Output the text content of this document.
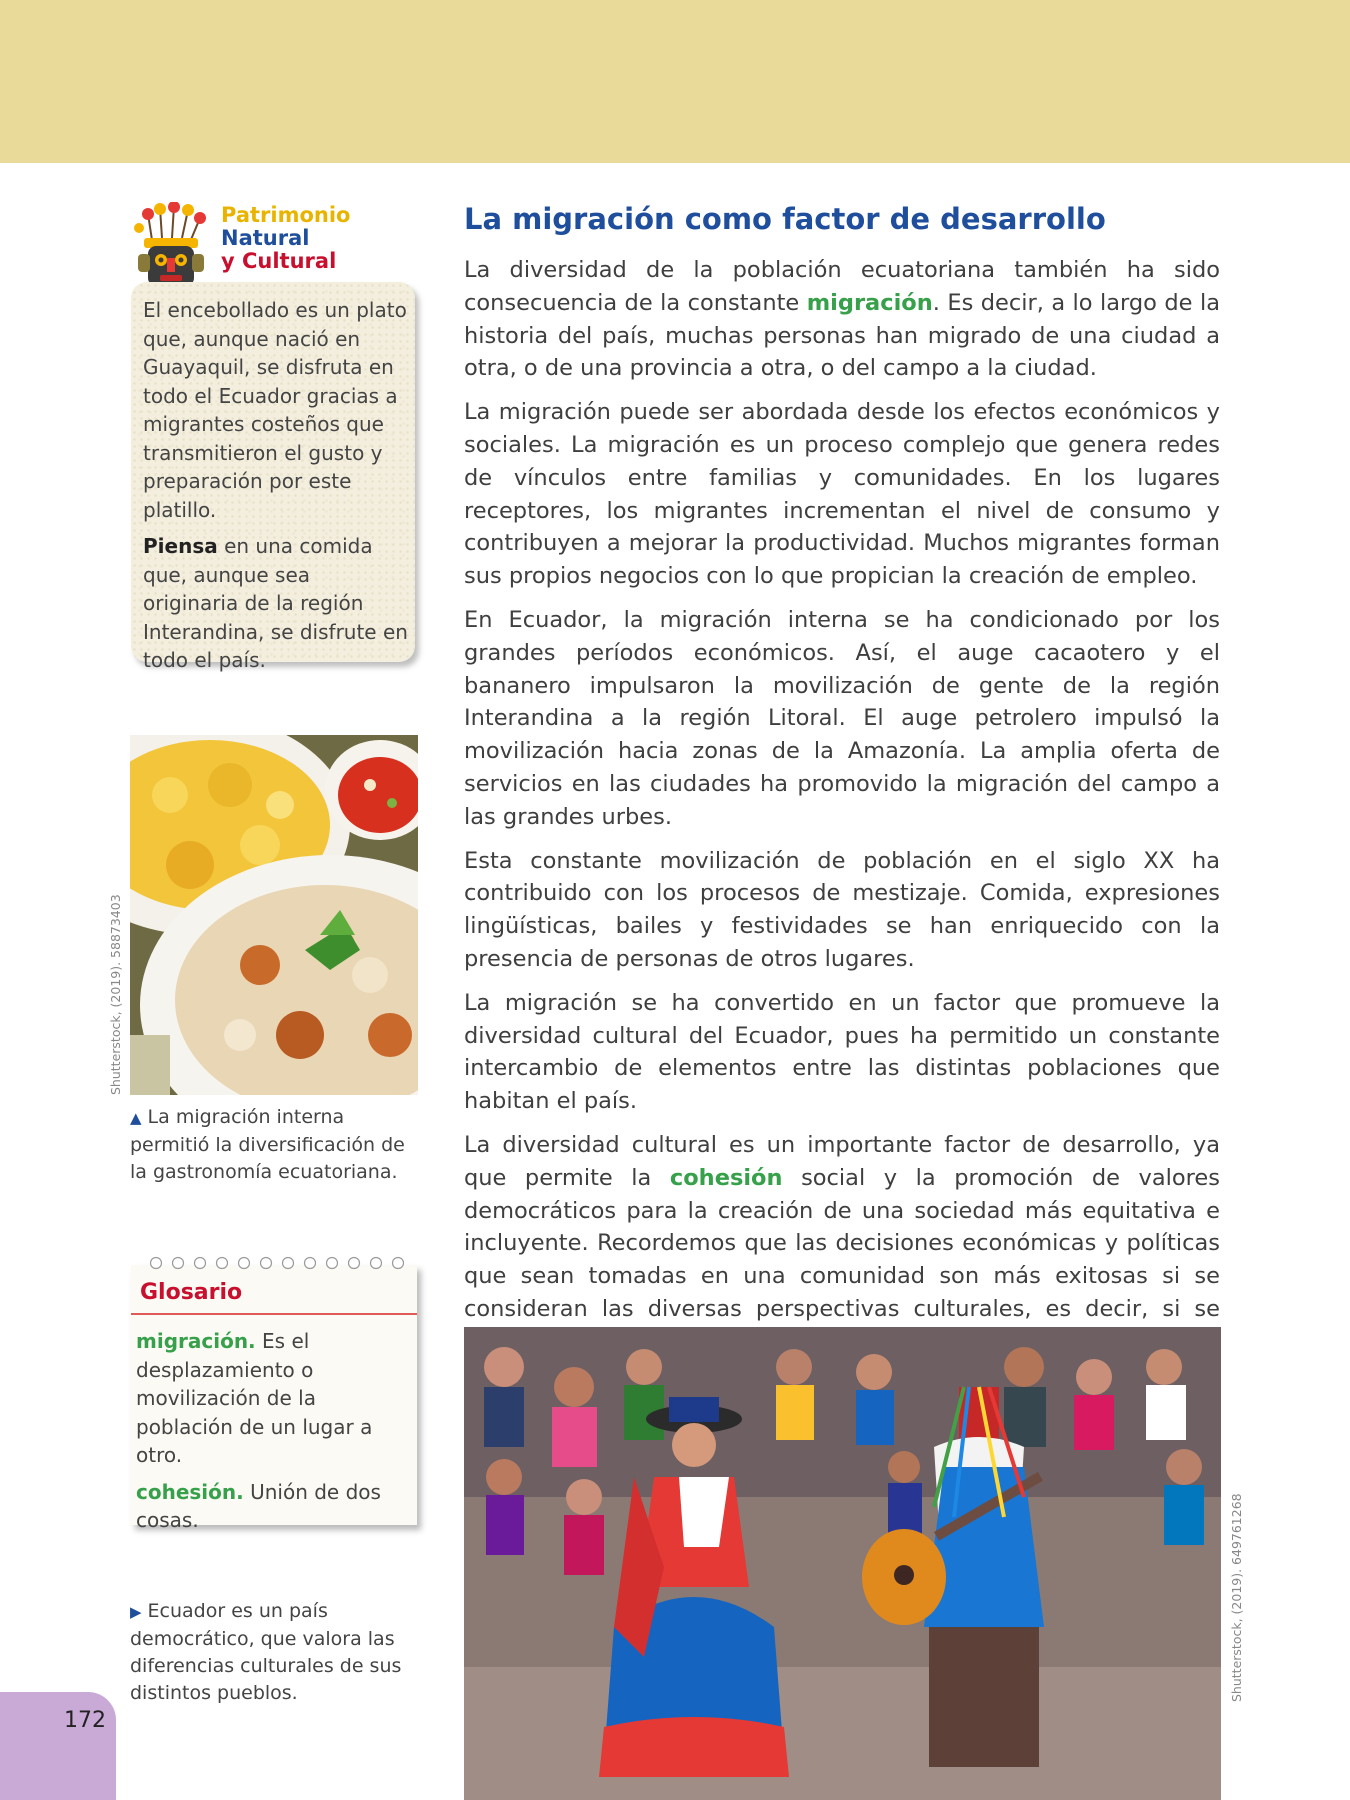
Patrimonio
Natural
y Cultural

El encebollado es un plato que, aunque nació en Guayaquil, se disfruta en todo el Ecuador gracias a migrantes costeños que transmitieron el gusto y preparación por este platillo.

Piensa en una comida que, aunque sea originaria de la región Interandina, se disfrute en todo el país.

Shutterstock, (2019). 58873403
▲ La migración interna permitió la diversificación de la gastronomía ecuatoriana.
Glosario

migración. Es el desplazamiento o movilización de la población de un lugar a otro.

cohesión. Unión de dos cosas.

▶ Ecuador es un país democrático, que valora las diferencias culturales de sus distintos pueblos.
172
La migración como factor de desarrollo

La diversidad de la población ecuatoriana también ha sido consecuencia de la constante migración. Es decir, a lo largo de la historia del país, muchas personas han migrado de una ciudad a otra, o de una provincia a otra, o del campo a la ciudad.

La migración puede ser abordada desde los efectos económicos y sociales. La migración es un proceso complejo que genera redes de vínculos entre familias y comunidades. En los lugares receptores, los migrantes incrementan el nivel de consumo y contribuyen a mejorar la productividad. Muchos migrantes forman sus propios negocios con lo que propician la creación de empleo.

En Ecuador, la migración interna se ha condicionado por los grandes períodos económicos. Así, el auge cacaotero y el bananero impulsaron la movilización de gente de la región Interandina a la región Litoral. El auge petrolero impulsó la movilización hacia zonas de la Amazonía. La amplia oferta de servicios en las ciudades ha promovido la migración del campo a las grandes urbes.

Esta constante movilización de población en el siglo XX ha contribuido con los procesos de mestizaje. Comida, expresiones lingüísticas, bailes y festividades se han enriquecido con la presencia de personas de otros lugares.

La migración se ha convertido en un factor que promueve la diversidad cultural del Ecuador, pues ha permitido un constante intercambio de elementos entre las distintas poblaciones que habitan el país.

La diversidad cultural es un importante factor de desarrollo, ya que permite la cohesión social y la promoción de valores democráticos para la creación de una sociedad más equitativa e incluyente. Recordemos que las decisiones económicas y políticas que sean tomadas en una comunidad son más exitosas si se consideran las diversas perspectivas culturales, es decir, si se

Shutterstock, (2019). 649761268
